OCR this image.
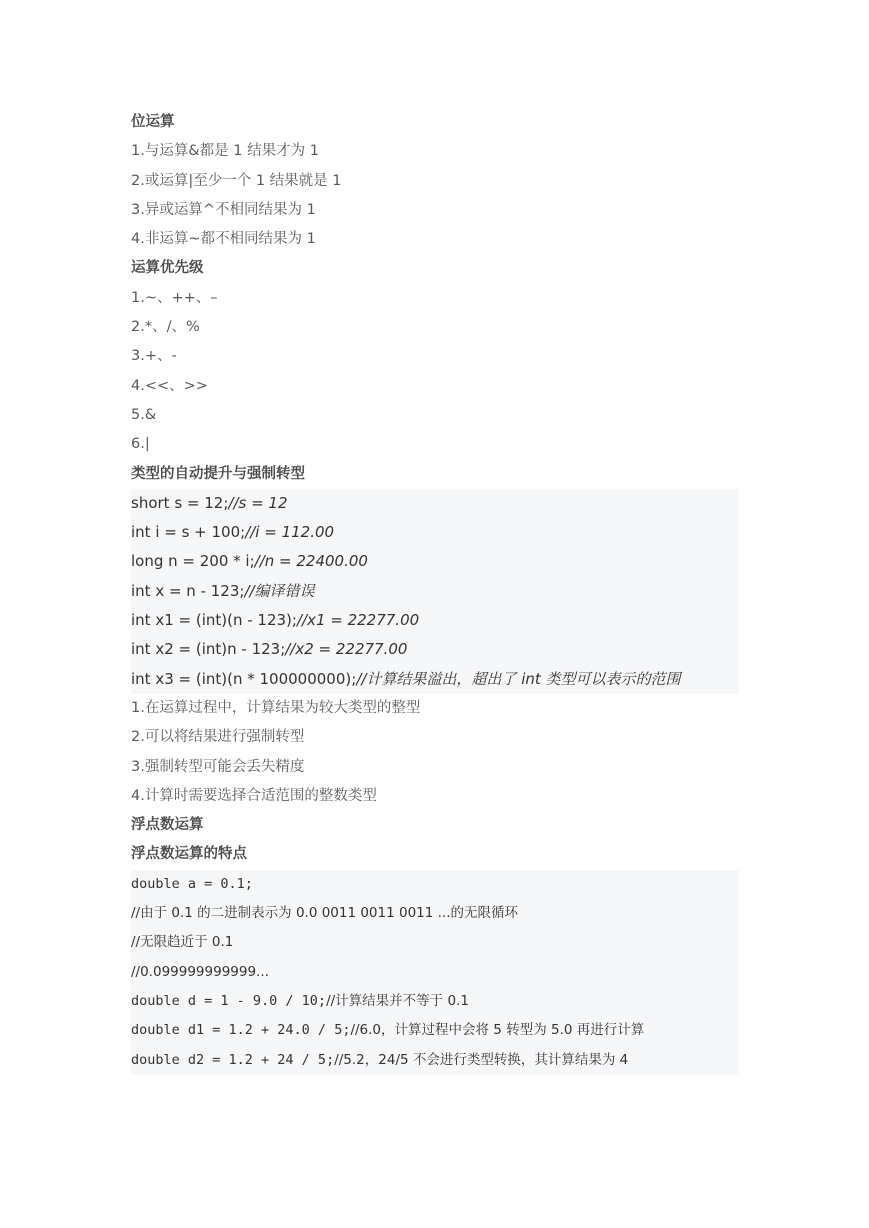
位运算
1.与运算&都是 1 结果才为 1
2.或运算|至少一个 1 结果就是 1
3.异或运算^不相同结果为 1
4.非运算~都不相同结果为 1
运算优先级
1.~、++、–
2.*、/、%
3.+、-
4.<<、>>
5.&
6.|
类型的自动提升与强制转型
short s = 12;//s = 12
int i = s + 100;//i = 112.00
long n = 200 * i;//n = 22400.00
int x = n - 123;//编译错误
int x1 = (int)(n - 123);//x1 = 22277.00
int x2 = (int)n - 123;//x2 = 22277.00
int x3 = (int)(n * 100000000);//计算结果溢出，超出了 int 类型可以表示的范围
1.在运算过程中，计算结果为较大类型的整型
2.可以将结果进行强制转型
3.强制转型可能会丢失精度
4.计算时需要选择合适范围的整数类型
浮点数运算
浮点数运算的特点
double a = 0.1;
//由于 0.1 的二进制表示为 0.0 0011 0011 0011 ...的无限循环
//无限趋近于 0.1
//0.099999999999...
double d = 1 - 9.0 / 10;//计算结果并不等于 0.1
double d1 = 1.2 + 24.0 / 5;//6.0，计算过程中会将 5 转型为 5.0 再进行计算
double d2 = 1.2 + 24 / 5;//5.2，24/5 不会进行类型转换，其计算结果为 4
